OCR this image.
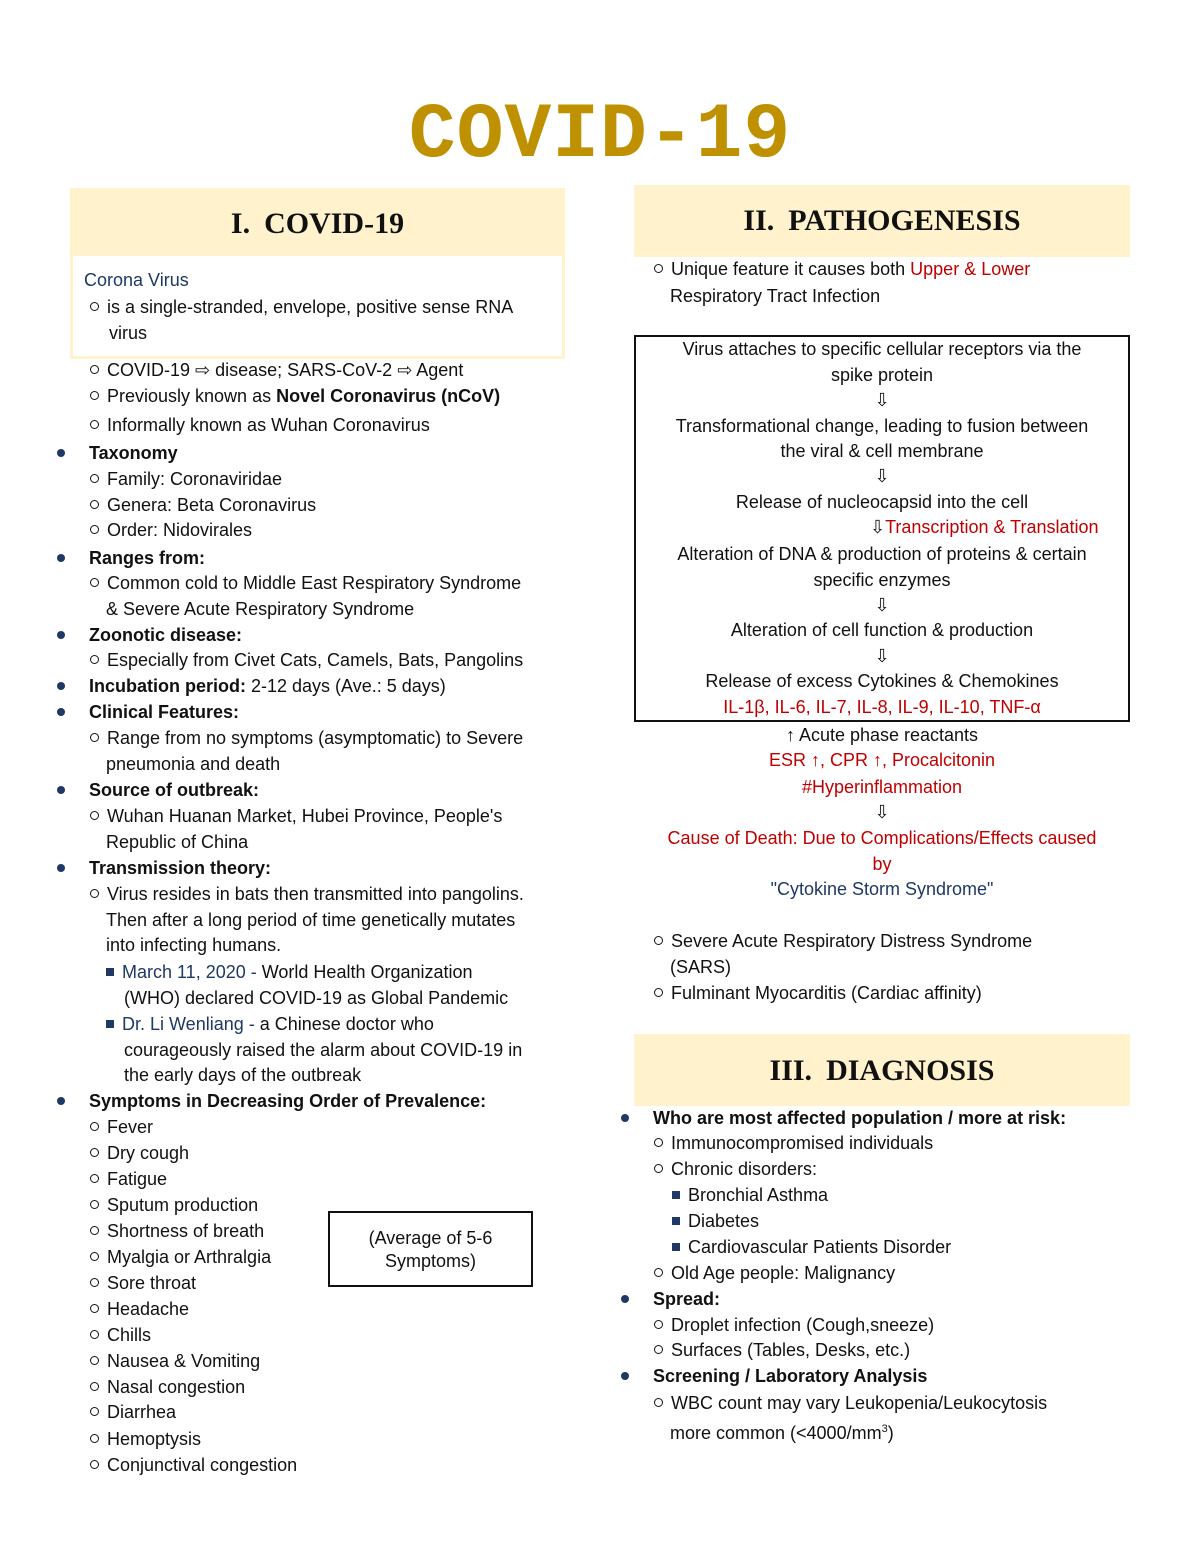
COVID-19
I. COVID-19
Corona Virus
is a single-stranded, envelope, positive sense RNA
virus
COVID-19 ⇨ disease; SARS-CoV-2 ⇨ Agent
Previously known as Novel Coronavirus (nCoV)
Informally known as Wuhan Coronavirus
Taxonomy
Family: Coronaviridae
Genera: Beta Coronavirus
Order: Nidovirales
Ranges from:
Common cold to Middle East Respiratory Syndrome
& Severe Acute Respiratory Syndrome
Zoonotic disease:
Especially from Civet Cats, Camels, Bats, Pangolins
Incubation period: 2-12 days (Ave.: 5 days)
Clinical Features:
Range from no symptoms (asymptomatic) to Severe
pneumonia and death
Source of outbreak:
Wuhan Huanan Market, Hubei Province, People's
Republic of China
Transmission theory:
Virus resides in bats then transmitted into pangolins.
Then after a long period of time genetically mutates
into infecting humans.
March 11, 2020 - World Health Organization
(WHO) declared COVID-19 as Global Pandemic
Dr. Li Wenliang - a Chinese doctor who
courageously raised the alarm about COVID-19 in
the early days of the outbreak
Symptoms in Decreasing Order of Prevalence:
Fever
Dry cough
Fatigue
Sputum production
Shortness of breath
Myalgia or Arthralgia
Sore throat
Headache
Chills
Nausea & Vomiting
Nasal congestion
Diarrhea
Hemoptysis
Conjunctival congestion
(Average of 5-6
Symptoms)
II. PATHOGENESIS
Unique feature it causes both Upper & Lower
Respiratory Tract Infection
Virus attaches to specific cellular receptors via the
spike protein
⇩
Transformational change, leading to fusion between
the viral & cell membrane
⇩
Release of nucleocapsid into the cell
⇩Transcription & Translation
Alteration of DNA & production of proteins & certain
specific enzymes
⇩
Alteration of cell function & production
⇩
Release of excess Cytokines & Chemokines
IL-1β, IL-6, IL-7, IL-8, IL-9, IL-10, TNF-α
↑ Acute phase reactants
ESR ↑, CPR ↑, Procalcitonin
#Hyperinflammation
⇩
Cause of Death: Due to Complications/Effects caused
by
"Cytokine Storm Syndrome"
Severe Acute Respiratory Distress Syndrome
(SARS)
Fulminant Myocarditis (Cardiac affinity)
III. DIAGNOSIS
Who are most affected population / more at risk:
Immunocompromised individuals
Chronic disorders:
Bronchial Asthma
Diabetes
Cardiovascular Patients Disorder
Old Age people: Malignancy
Spread:
Droplet infection (Cough,sneeze)
Surfaces (Tables, Desks, etc.)
Screening / Laboratory Analysis
WBC count may vary Leukopenia/Leukocytosis
more common $(<4000/mm^3)$
